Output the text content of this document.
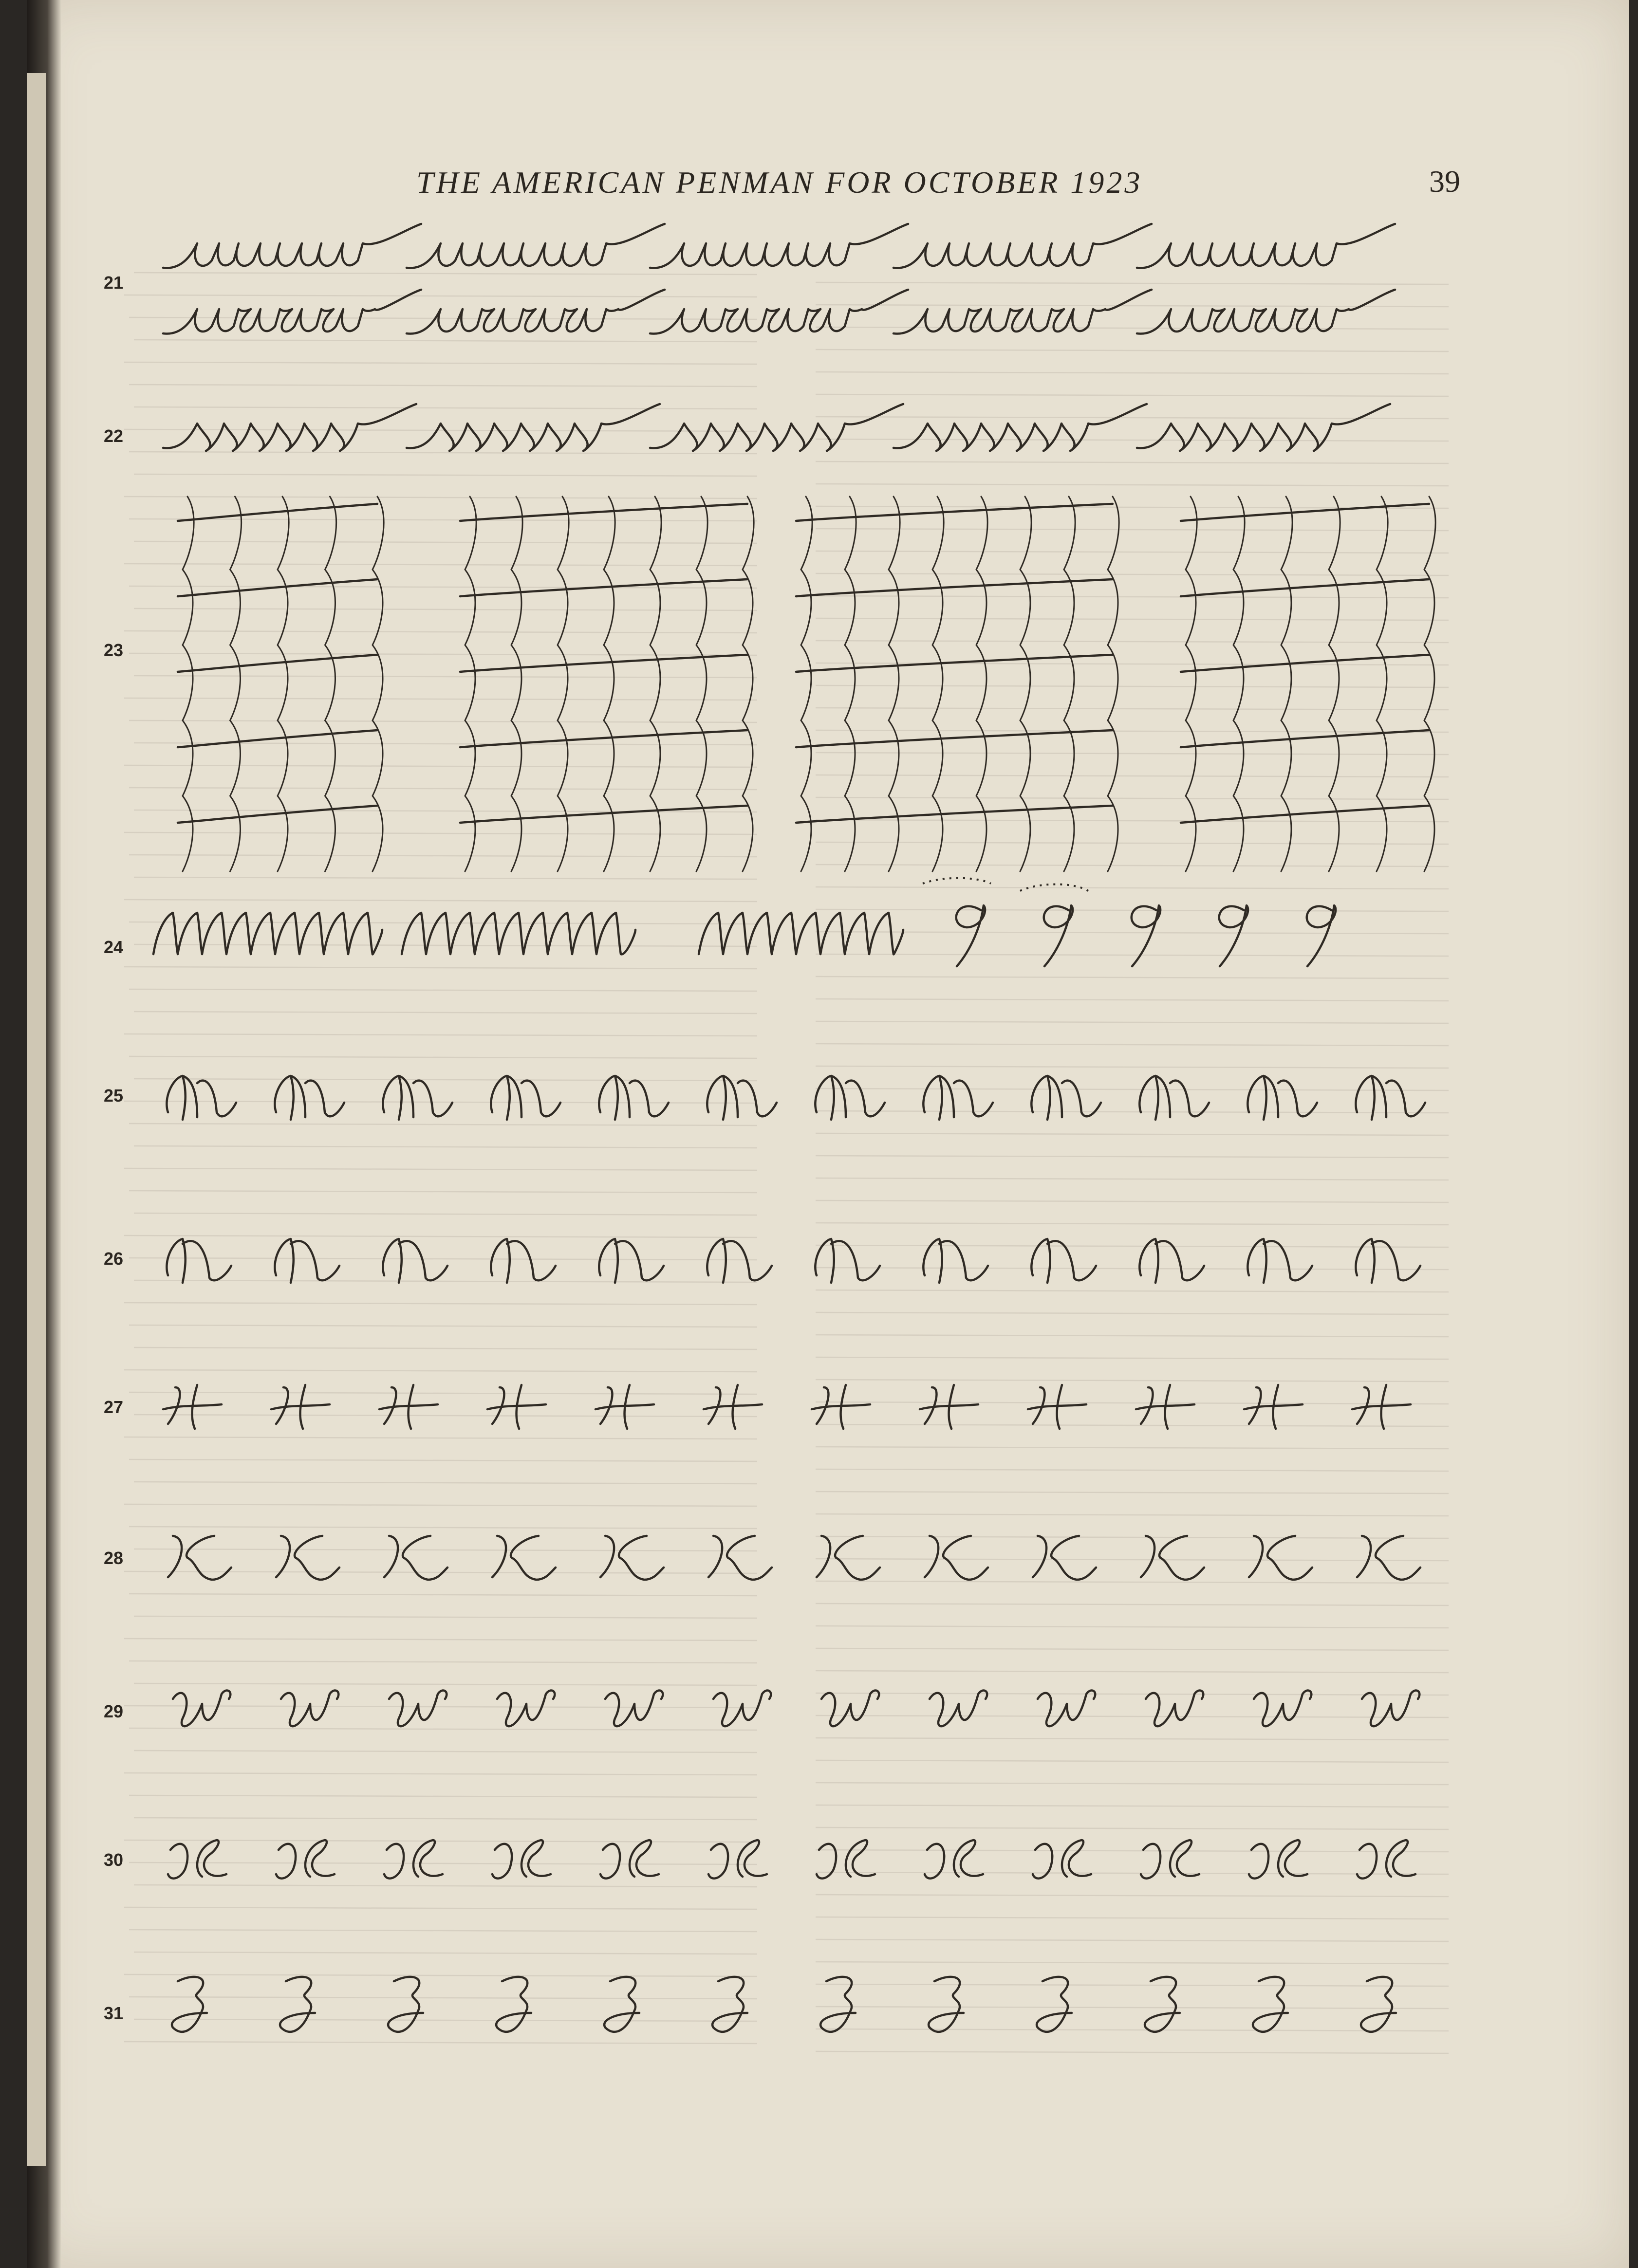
THE AMERICAN PENMAN FOR OCTOBER 1923	39
21
22
23
24
25
26
27
28
29
30
31
